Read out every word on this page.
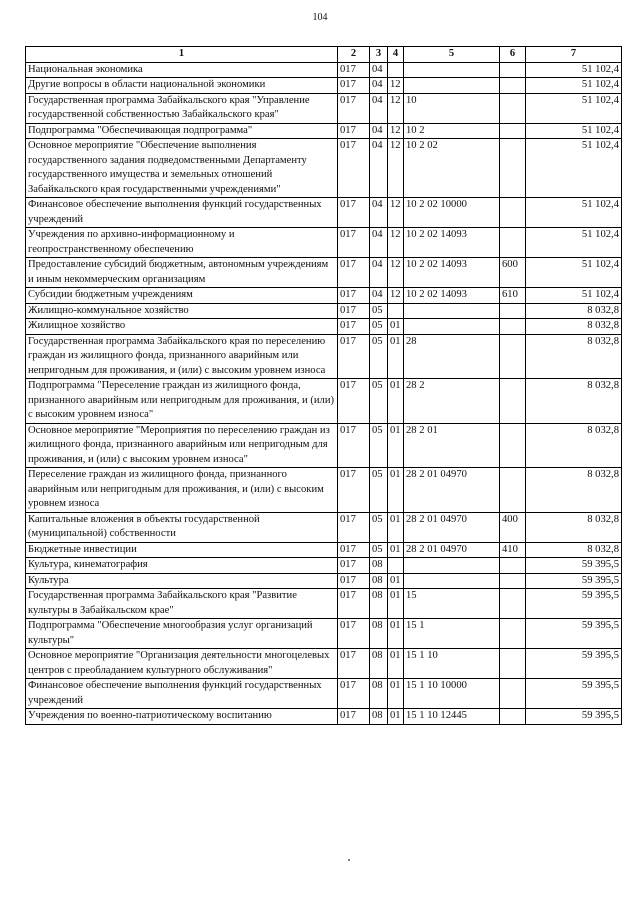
104
1	2	3	4	5	6	7
Национальная экономика	017	04				51 102,4
Другие вопросы в области национальной экономики	017	04	12			51 102,4
Государственная программа Забайкальского края "Управление государственной собственностью Забайкальского края"	017	04	12	10		51 102,4
Подпрограмма "Обеспечивающая подпрограмма"	017	04	12	10 2		51 102,4
Основное мероприятие "Обеспечение выполнения государственного задания подведомственными Департаменту государственного имущества и земельных отношений Забайкальского края государственными учреждениями"	017	04	12	10 2 02		51 102,4
Финансовое обеспечение выполнения функций государственных учреждений	017	04	12	10 2 02 10000		51 102,4
Учреждения по архивно-информационному и геопространственному обеспечению	017	04	12	10 2 02 14093		51 102,4
Предоставление субсидий бюджетным, автономным учреждениям и иным некоммерческим организациям	017	04	12	10 2 02 14093	600	51 102,4
Субсидии бюджетным учреждениям	017	04	12	10 2 02 14093	610	51 102,4
Жилищно-коммунальное хозяйство	017	05				8 032,8
Жилищное хозяйство	017	05	01			8 032,8
Государственная программа Забайкальского края по переселению граждан из жилищного фонда, признанного аварийным или непригодным для проживания, и (или) с высоким уровнем износа	017	05	01	28		8 032,8
Подпрограмма "Переселение граждан из жилищного фонда, признанного аварийным или непригодным для проживания, и (или) с высоким уровнем износа"	017	05	01	28 2		8 032,8
Основное мероприятие "Мероприятия по переселению граждан из жилищного фонда, признанного аварийным или непригодным для проживания, и (или) с высоким уровнем износа"	017	05	01	28 2 01		8 032,8
Переселение граждан из жилищного фонда, признанного аварийным или непригодным для проживания, и (или) с высоким уровнем износа	017	05	01	28 2 01 04970		8 032,8
Капитальные вложения в объекты государственной (муниципальной) собственности	017	05	01	28 2 01 04970	400	8 032,8
Бюджетные инвестиции	017	05	01	28 2 01 04970	410	8 032,8
Культура, кинематография	017	08				59 395,5
Культура	017	08	01			59 395,5
Государственная программа Забайкальского края "Развитие культуры в Забайкальском крае"	017	08	01	15		59 395,5
Подпрограмма "Обеспечение многообразия услуг организаций культуры"	017	08	01	15 1		59 395,5
Основное мероприятие "Организация деятельности многоцелевых центров с преобладанием культурного обслуживания"	017	08	01	15 1 10		59 395,5
Финансовое обеспечение выполнения функций государственных учреждений	017	08	01	15 1 10 10000		59 395,5
Учреждения по военно-патриотическому воспитанию	017	08	01	15 1 10 12445		59 395,5
